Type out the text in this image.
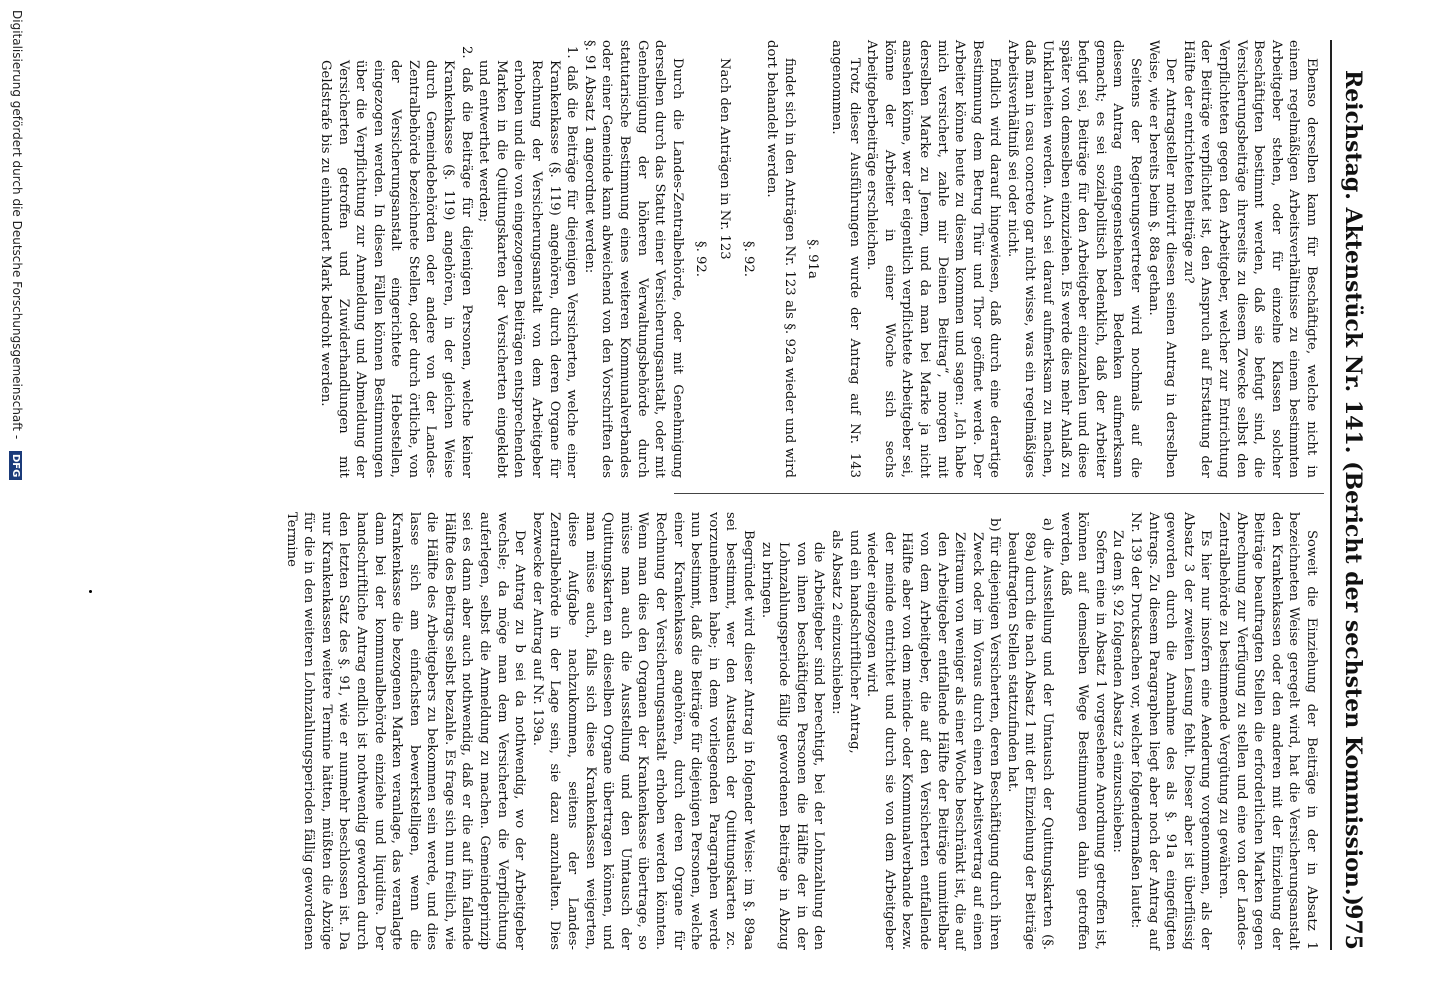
Reichstag. Aktenstück Nr. 141. (Bericht der sechsten Kommission.)
975

Ebenso derselben kann für Beschäftigte, welche nicht in einem regelmäßigen Arbeitsverhältnisse zu einem bestimmten Arbeitgeber stehen, oder für einzelne Klassen solcher Beschäftigten bestimmt werden, daß sie befugt sind, die Versicherungsbeiträge ihrerseits zu diesem Zwecke selbst den Verpflichteten gegen den Arbeitgeber, welcher zur Entrichtung der Beiträge verpflichtet ist, den Anspruch auf Erstattung der Hälfte der entrichteten Beiträge zu?

Der Antragsteller motivirt diesen seinen Antrag in derselben Weise, wie er bereits beim §. 88a gethan.

Seitens der Regierungsvertreter wird nochmals auf die diesem Antrag entgegenstehenden Bedenken aufmerksam gemacht; es sei sozialpolitisch bedenklich, daß der Arbeiter befugt sei, Beiträge für den Arbeitgeber einzuzahlen und diese später von demselben einzuziehen. Es werde dies mehr Anlaß zu Unklarheiten werden. Auch sei darauf aufmerksam zu machen, daß man in casu concreto gar nicht wisse, was ein regelmäßiges Arbeitsverhältniß sei oder nicht.

Endlich wird darauf hingewiesen, daß durch eine derartige Bestimmung dem Betrug Thür und Thor geöffnet werde. Der Arbeiter könne heute zu diesem kommen und sagen: „Ich habe mich versichert, zahle mir Deinen Beitrag“, morgen mit derselben Marke zu Jenem, und da man bei Marke ja nicht ansehen könne, wer der eigentlich verpflichtete Arbeitgeber sei, könne der Arbeiter in einer Woche sich sechs Arbeitgeberbeiträge erschleichen.

Trotz dieser Ausführungen wurde der Antrag auf Nr. 143 angenommen.

§. 91a

findet sich in den Anträgen Nr. 123 als §. 92a wieder und wird dort behandelt werden.

§. 92.

Nach den Anträgen in Nr. 123

§. 92.

Durch die Landes-Zentralbehörde, oder mit Genehmigung derselben durch das Statut einer Versicherungsanstalt, oder mit Genehmigung der höheren Verwaltungsbehörde durch statutarische Bestimmung eines weiteren Kommunalverbandes oder einer Gemeinde kann abweichend von den Vorschriften des §. 91 Absatz 1 angeordnet werden:

1. daß die Beiträge für diejenigen Versicherten, welche einer Krankenkasse (§. 119) angehören, durch deren Organe für Rechnung der Versicherungsanstalt von dem Arbeitgeber erhoben und die von eingezogenen Beiträgen entsprechenden Marken in die Quittungskarten der Versicherten eingeklebt und entwerthet werden;

2. daß die Beiträge für diejenigen Personen, welche keiner Krankenkasse (§. 119) angehören, in der gleichen Weise durch Gemeindebehörden oder andere von der Landes-Zentralbehörde bezeichnete Stellen, oder durch örtliche, von der Versicherungsanstalt eingerichtete Hebestellen, eingezogen werden. In diesen Fällen können Bestimmungen über die Verpflichtung zur Anmeldung und Abmeldung der Versicherten getroffen und Zuwiderhandlungen mit Geldstrafe bis zu einhundert Mark bedroht werden.

Soweit die Einziehung der Beiträge in der in Absatz 1 bezeichneten Weise geregelt wird, hat die Versicherungsanstalt den Krankenkassen oder den anderen mit der Einziehung der Beiträge beauftragten Stellen die erforderlichen Marken gegen Abrechnung zur Verfügung zu stellen und eine von der Landes-Zentralbehörde zu bestimmende Vergütung zu gewähren.

Es hier nur insofern eine Aenderung vorgenommen, als der Absatz 3 der zweiten Lesung fehlt. Dieser aber ist überflüssig geworden durch die Annahme des als §. 91a eingefügten Antrags. Zu diesem Paragraphen liegt aber noch der Antrag auf Nr. 139 der Drucksachen vor, welcher folgendermaßen lautet:

Zu dem §. 92 folgenden Absatz 3 einzuschieben:

Sofern eine in Absatz 1 vorgesehene Anordnung getroffen ist, können auf demselben Wege Bestimmungen dahin getroffen werden, daß

a) die Ausstellung und der Umtausch der Quittungskarten (§. 89a) durch die nach Absatz 1 mit der Einziehung der Beiträge beauftragten Stellen stattzufinden hat.

b) für diejenigen Versicherten, deren Beschäftigung durch ihren Zweck oder im Voraus durch einen Arbeitsvertrag auf einen Zeitraum von weniger als einer Woche beschränkt ist, die auf den Arbeitgeber entfallende Hälfte der Beiträge unmittelbar von dem Arbeitgeber, die auf den Versicherten entfallende Hälfte aber von dem meinde- oder Kommunalverbande bezw. der meinde entrichtet und durch sie von dem Arbeitgeber wieder eingezogen wird.

und ein handschriftlicher Antrag,

als Absatz 2 einzuschieben:

die Arbeitgeber sind berechtigt, bei der Lohnzahlung den von ihnen beschäftigten Personen die Hälfte der in der Lohnzahlungsperiode fällig gewordenen Beiträge in Abzug zu bringen.

Begründet wird dieser Antrag in folgender Weise: im §. 89aa sei bestimmt, wer den Austausch der Quittungskarten zc. vorzunehmen habe; in dem vorliegenden Paragraphen werde nun bestimmt, daß die Beiträge für diejenigen Personen, welche einer Krankenkasse angehören, durch deren Organe für Rechnung der Versicherungsanstalt erhoben werden könnten. Wenn man dies den Organen der Krankenkasse übertrage, so müsse man auch die Ausstellung und den Umtausch der Quittungskarten an dieselben Organe übertragen können, und man müsse auch, falls sich diese Krankenkassen weigerten, diese Aufgabe nachzukommen, seitens der Landes-Zentralbehörde in der Lage sein, sie dazu anzuhalten. Dies bezwecke der Antrag auf Nr. 139a.

Der Antrag zu b sei da nothwendig, wo der Arbeitgeber wechsle; da möge man dem Versicherten die Verpflichtung auferlegen, selbst die Anmeldung zu machen. Gemeindeprinzip sei es dann aber auch nothwendig, daß er die auf ihn fallende Hälfte des Beitrags selbst bezahle. Es frage sich nun freilich, wie die Hälfte des Arbeitgebers zu bekommen sein werde, und dies lasse sich am einfachsten bewerkstelligen, wenn die Krankenkasse die bezogenen Marken veranlage, das veranlagte dann bei der kommunalbehörde einziehe und liquidire. Der handschriftliche Antrag endlich ist nothwendig geworden durch den letzten Satz des §. 91, wie er nunmehr beschlossen ist. Da nur Krankenkassen weitere Termine hätten, müßten die Abzüge für die in den weiteren Lohnzahlungsperioden fällig gewordenen Termine

Digitalisierung gefördert durch die Deutsche Forschungsgemeinschaft - DFG
